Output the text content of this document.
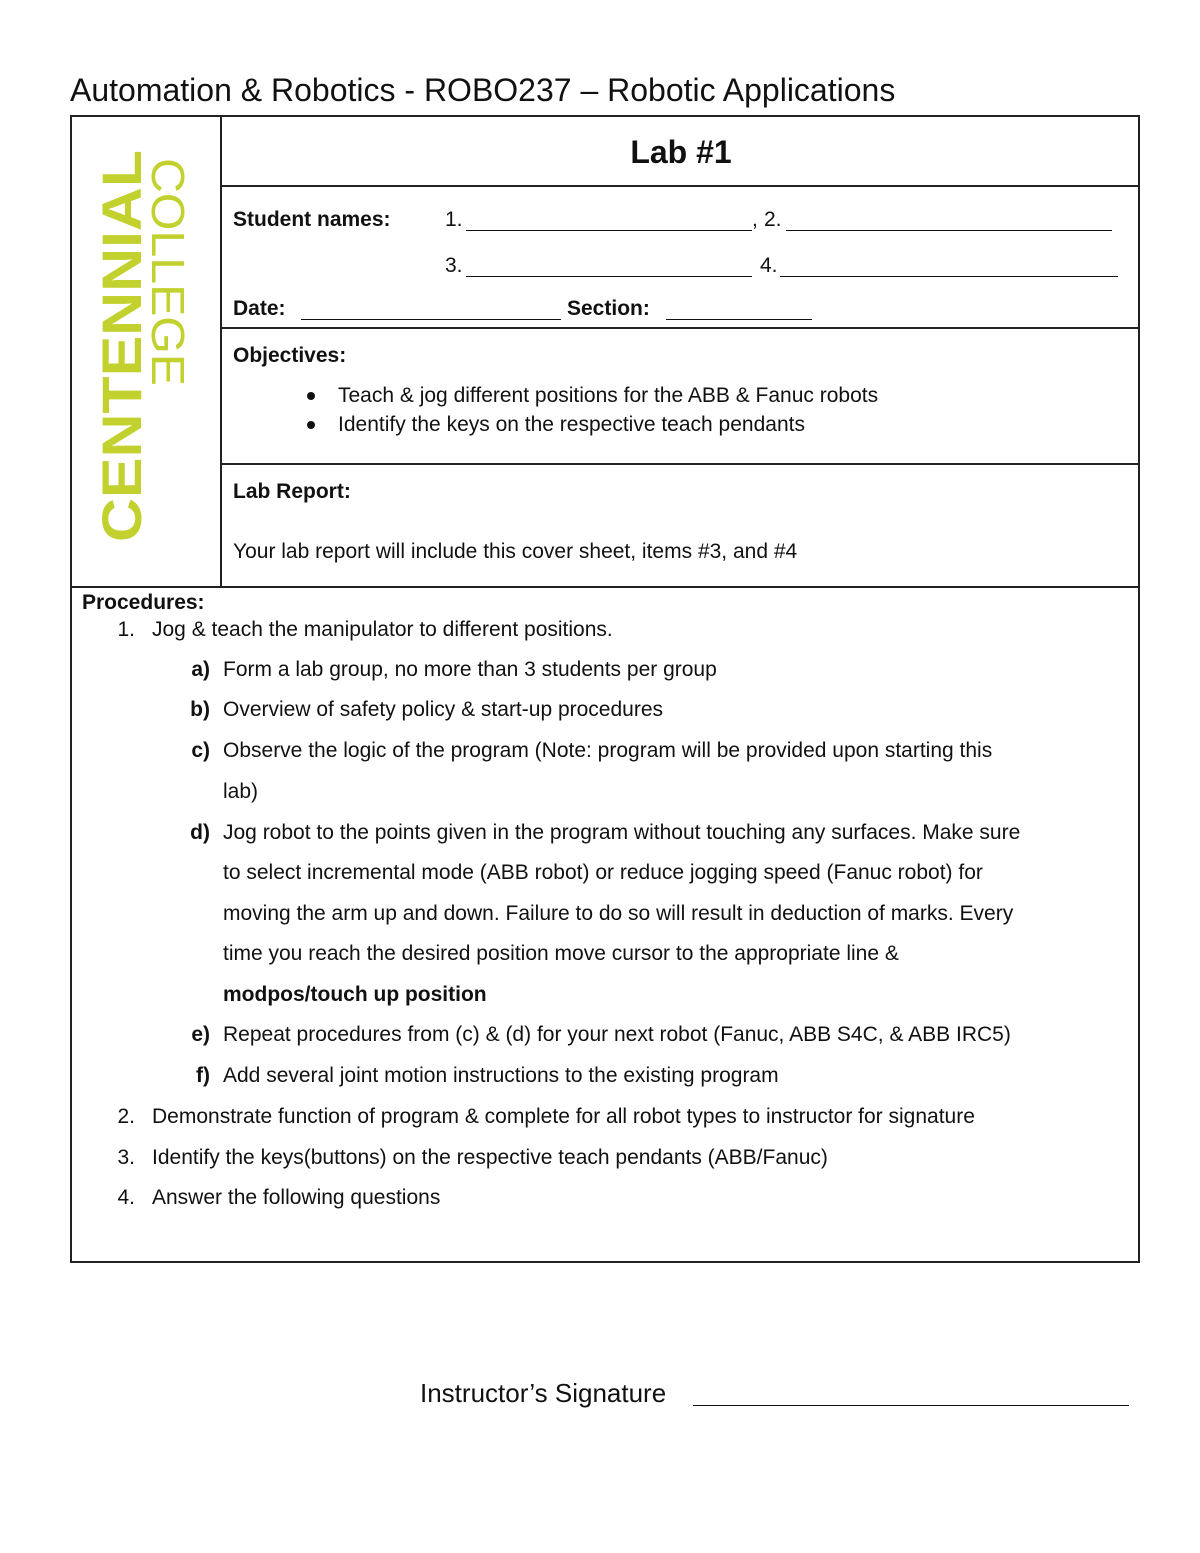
Automation & Robotics - ROBO237 – Robotic Applications
CENTENNIAL
COLLEGE
Lab #1
Student names:	1.	, 2.
3.	4.
Date:	Section:
Objectives:
Teach & jog different positions for the ABB & Fanuc robots
Identify the keys on the respective teach pendants
Lab Report:
Your lab report will include this cover sheet, items #3, and #4
Procedures:
1. Jog & teach the manipulator to different positions.
a) Form a lab group, no more than 3 students per group
b) Overview of safety policy & start-up procedures
c) Observe the logic of the program (Note: program will be provided upon starting this
lab)
d) Jog robot to the points given in the program without touching any surfaces. Make sure
to select incremental mode (ABB robot) or reduce jogging speed (Fanuc robot) for
moving the arm up and down. Failure to do so will result in deduction of marks. Every
time you reach the desired position move cursor to the appropriate line &
modpos/touch up position
e) Repeat procedures from (c) & (d) for your next robot (Fanuc, ABB S4C, & ABB IRC5)
f) Add several joint motion instructions to the existing program
2. Demonstrate function of program & complete for all robot types to instructor for signature
3. Identify the keys(buttons) on the respective teach pendants (ABB/Fanuc)
4. Answer the following questions
Instructor’s Signature
